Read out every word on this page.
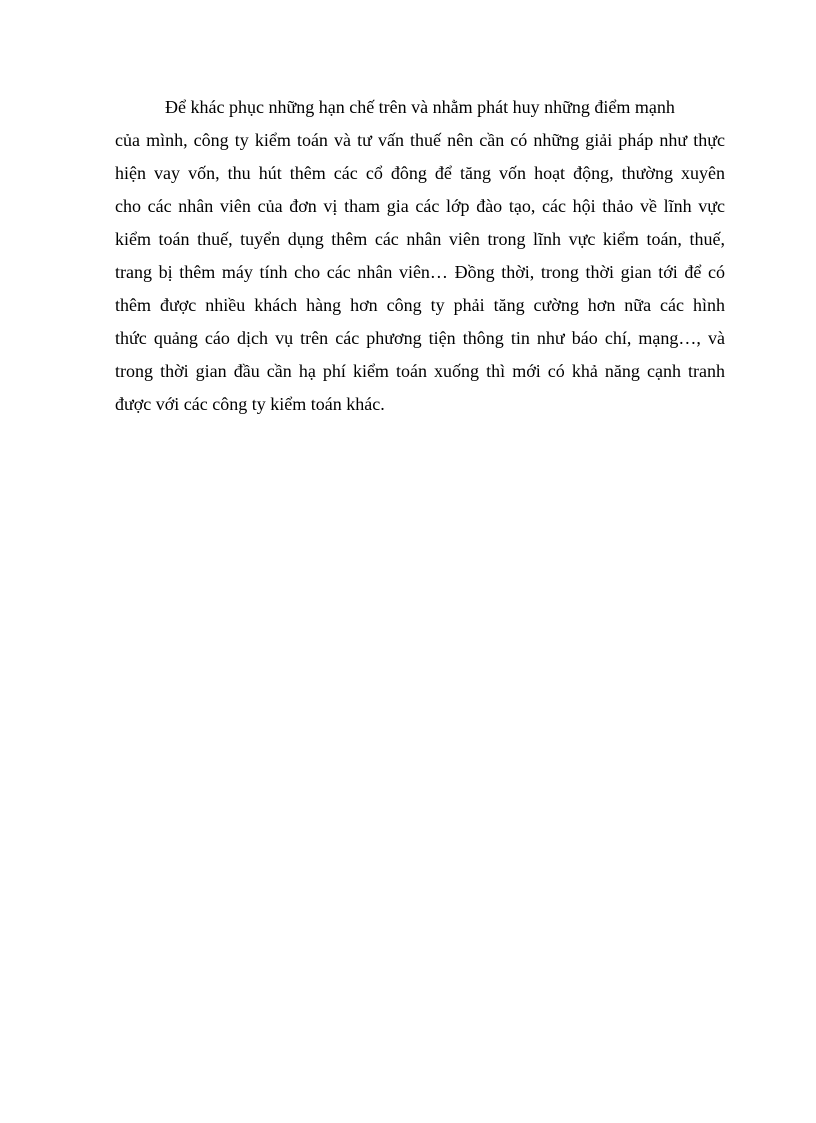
Để khác phục những hạn chế trên và nhằm phát huy những điểm mạnh
của mình, công ty kiểm toán và tư vấn thuế nên cần có những giải pháp như thực
hiện vay vốn, thu hút thêm các cổ đông để tăng vốn hoạt động, thường xuyên
cho các nhân viên của đơn vị tham gia các lớp đào tạo, các hội thảo về lĩnh vực
kiểm toán thuế, tuyển dụng thêm các nhân viên trong lĩnh vực kiểm toán, thuế,
trang bị thêm máy tính cho các nhân viên… Đồng thời, trong thời gian tới để có
thêm được nhiều khách hàng hơn công ty phải tăng cường hơn nữa các hình
thức quảng cáo dịch vụ trên các phương tiện thông tin như báo chí, mạng…, và
trong thời gian đầu cần hạ phí kiểm toán xuống thì mới có khả năng cạnh tranh
được với các công ty kiểm toán khác.
